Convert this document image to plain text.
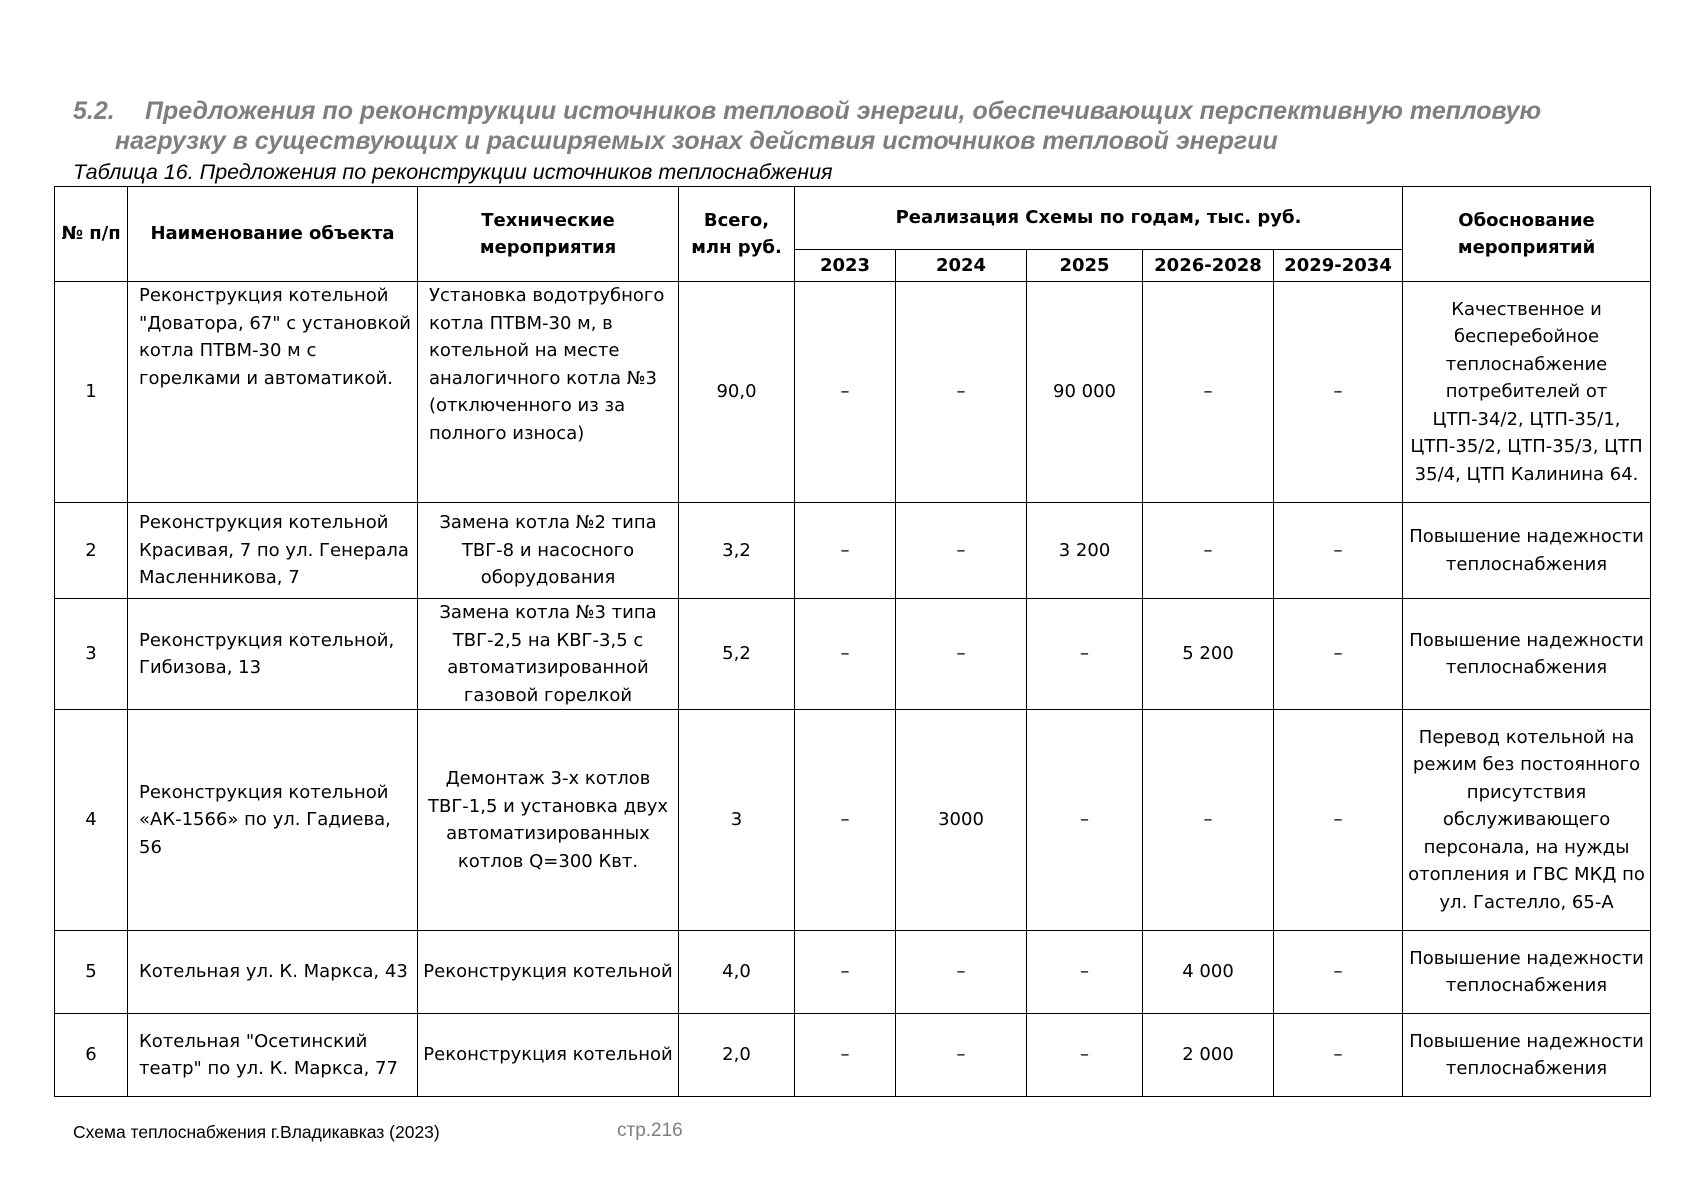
5.2. Предложения по реконструкции источников тепловой энергии, обеспечивающих перспективную тепловую
нагрузку в существующих и расширяемых зонах действия источников тепловой энергии
Таблица 16. Предложения по реконструкции источников теплоснабжения
№ п/п	Наименование объекта	Технические мероприятия	Всего, млн руб.	Реализация Схемы по годам, тыс. руб.					Обоснование мероприятий
				2023	2024	2025	2026-2028	2029-2034	
1	Реконструкция котельной "Доватора, 67" с установкой котла ПТВМ-30 м с горелками и автоматикой.	Установка водотрубного котла ПТВМ-30 м, в котельной на месте аналогичного котла №3 (отключенного из за полного износа)	90,0	–	–	90 000	–	–	Качественное и бесперебойное теплоснабжение потребителей от ЦТП-34/2, ЦТП-35/1, ЦТП-35/2, ЦТП-35/3, ЦТП 35/4, ЦТП Калинина 64.
2	Реконструкция котельной Красивая, 7 по ул. Генерала Масленникова, 7	Замена котла №2 типа ТВГ-8 и насосного оборудования	3,2	–	–	3 200	–	–	Повышение надежности теплоснабжения
3	Реконструкция котельной, Гибизова, 13	Замена котла №3 типа ТВГ-2,5 на КВГ-3,5 с автоматизированной газовой горелкой	5,2	–	–	–	5 200	–	Повышение надежности теплоснабжения
4	Реконструкция котельной «АК-1566» по ул. Гадиева, 56	Демонтаж 3-х котлов ТВГ-1,5 и установка двух автоматизированных котлов Q=300 Квт.	3	–	3000	–	–	–	Перевод котельной на режим без постоянного присутствия обслуживающего персонала, на нужды отопления и ГВС МКД по ул. Гастелло, 65-А
5	Котельная ул. К. Маркса, 43	Реконструкция котельной	4,0	–	–	–	4 000	–	Повышение надежности теплоснабжения
6	Котельная "Осетинский театр" по ул. К. Маркса, 77	Реконструкция котельной	2,0	–	–	–	2 000	–	Повышение надежности теплоснабжения
Схема теплоснабжения г.Владикавказ (2023)	стр.216
